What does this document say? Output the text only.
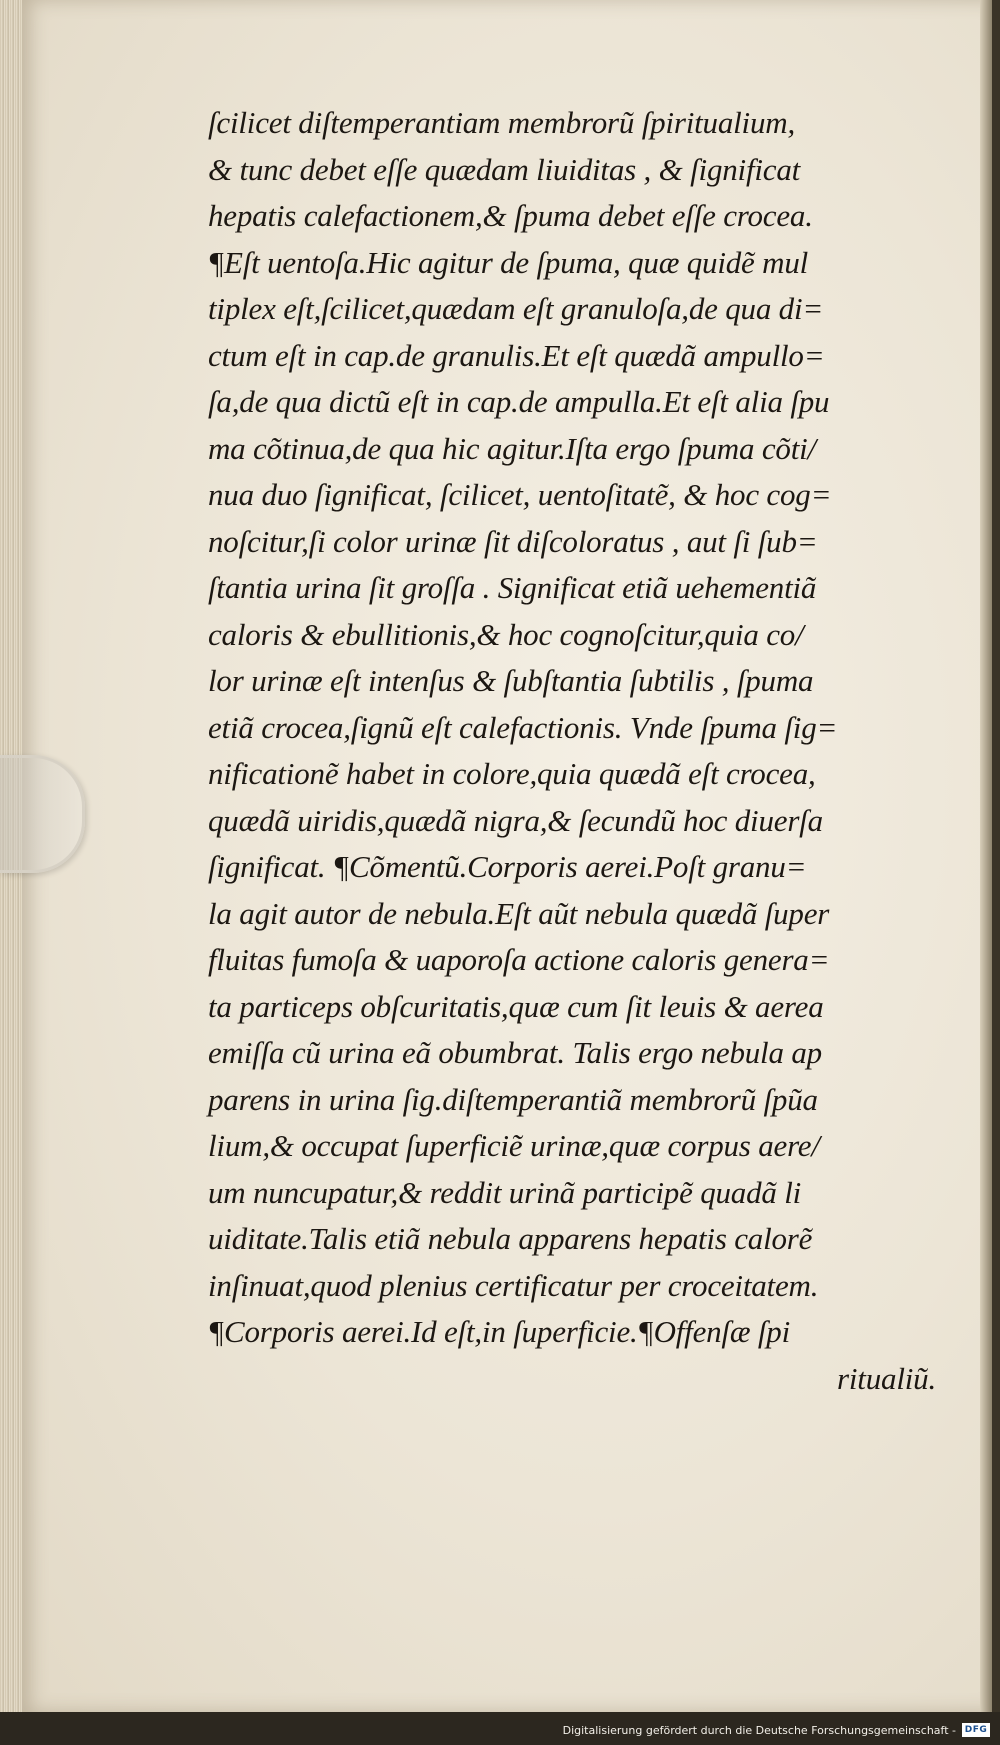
ſcilicet diſtemperantiam membrorũ ſpiritualium,
& tunc debet eſſe quædam liuiditas , & ſignificat
hepatis calefactionem,& ſpuma debet eſſe crocea.
¶Eſt uentoſa.Hic agitur de ſpuma, quæ quidẽ mul
tiplex eſt,ſcilicet,quædam eſt granuloſa,de qua di=
ctum eſt in cap.de granulis.Et eſt quædã ampullo=
ſa,de qua dictũ eſt in cap.de ampulla.Et eſt alia ſpu
ma cõtinua,de qua hic agitur.Iſta ergo ſpuma cõti/
nua duo ſignificat, ſcilicet, uentoſitatẽ, & hoc cog=
noſcitur,ſi color urinæ ſit diſcoloratus , aut ſi ſub=
ſtantia urina ſit groſſa . Significat etiã uehementiã
caloris & ebullitionis,& hoc cognoſcitur,quia co/
lor urinæ eſt intenſus & ſubſtantia ſubtilis , ſpuma
etiã crocea,ſignũ eſt calefactionis. Vnde ſpuma ſig=
nificationẽ habet in colore,quia quædã eſt crocea,
quædã uiridis,quædã nigra,& ſecundũ hoc diuerſa
ſignificat. ¶Cõmentũ.Corporis aerei.Poſt granu=
la agit autor de nebula.Eſt aũt nebula quædã ſuper
fluitas fumoſa & uaporoſa actione caloris genera=
ta particeps obſcuritatis,quæ cum ſit leuis & aerea
emiſſa cũ urina eã obumbrat. Talis ergo nebula ap
parens in urina ſig.diſtemperantiã membrorũ ſpũa
lium,& occupat ſuperficiẽ urinæ,quæ corpus aere/
um nuncupatur,& reddit urinã participẽ quadã li
uiditate.Talis etiã nebula apparens hepatis calorẽ
inſinuat,quod plenius certificatur per croceitatem.
¶Corporis aerei.Id eſt,in ſuperficie.¶Offenſæ ſpi
ritualiũ.
Digitalisierung gefördert durch die Deutsche Forschungsgemeinschaft - DFG
